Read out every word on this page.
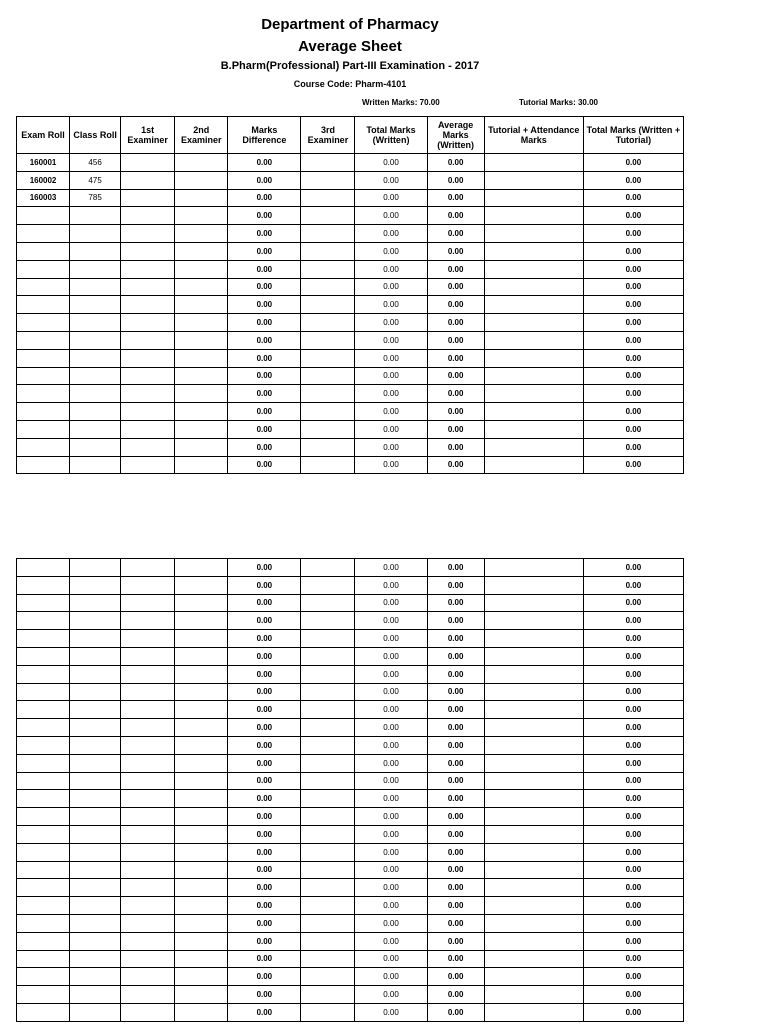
Department of Pharmacy
Average Sheet
B.Pharm(Professional) Part-III Examination - 2017
Course Code: Pharm-4101
Written Marks: 70.00	Tutorial Marks: 30.00
Exam Roll	Class Roll	1st Examiner	2nd Examiner	Marks Difference	3rd Examiner	Total Marks (Written)	Average Marks (Written)	Tutorial + Attendance Marks	Total Marks (Written + Tutorial)
160001	456			0.00		0.00	0.00		0.00
160002	475			0.00		0.00	0.00		0.00
160003	785			0.00		0.00	0.00		0.00
				0.00		0.00	0.00		0.00
				0.00		0.00	0.00		0.00
				0.00		0.00	0.00		0.00
				0.00		0.00	0.00		0.00
				0.00		0.00	0.00		0.00
				0.00		0.00	0.00		0.00
				0.00		0.00	0.00		0.00
				0.00		0.00	0.00		0.00
				0.00		0.00	0.00		0.00
				0.00		0.00	0.00		0.00
				0.00		0.00	0.00		0.00
				0.00		0.00	0.00		0.00
				0.00		0.00	0.00		0.00
				0.00		0.00	0.00		0.00
				0.00		0.00	0.00		0.00
				0.00		0.00	0.00		0.00
				0.00		0.00	0.00		0.00
				0.00		0.00	0.00		0.00
				0.00		0.00	0.00		0.00
				0.00		0.00	0.00		0.00
				0.00		0.00	0.00		0.00
				0.00		0.00	0.00		0.00
				0.00		0.00	0.00		0.00
				0.00		0.00	0.00		0.00
				0.00		0.00	0.00		0.00
				0.00		0.00	0.00		0.00
				0.00		0.00	0.00		0.00
				0.00		0.00	0.00		0.00
				0.00		0.00	0.00		0.00
				0.00		0.00	0.00		0.00
				0.00		0.00	0.00		0.00
				0.00		0.00	0.00		0.00
				0.00		0.00	0.00		0.00
				0.00		0.00	0.00		0.00
				0.00		0.00	0.00		0.00
				0.00		0.00	0.00		0.00
				0.00		0.00	0.00		0.00
				0.00		0.00	0.00		0.00
				0.00		0.00	0.00		0.00
				0.00		0.00	0.00		0.00
				0.00		0.00	0.00		0.00
